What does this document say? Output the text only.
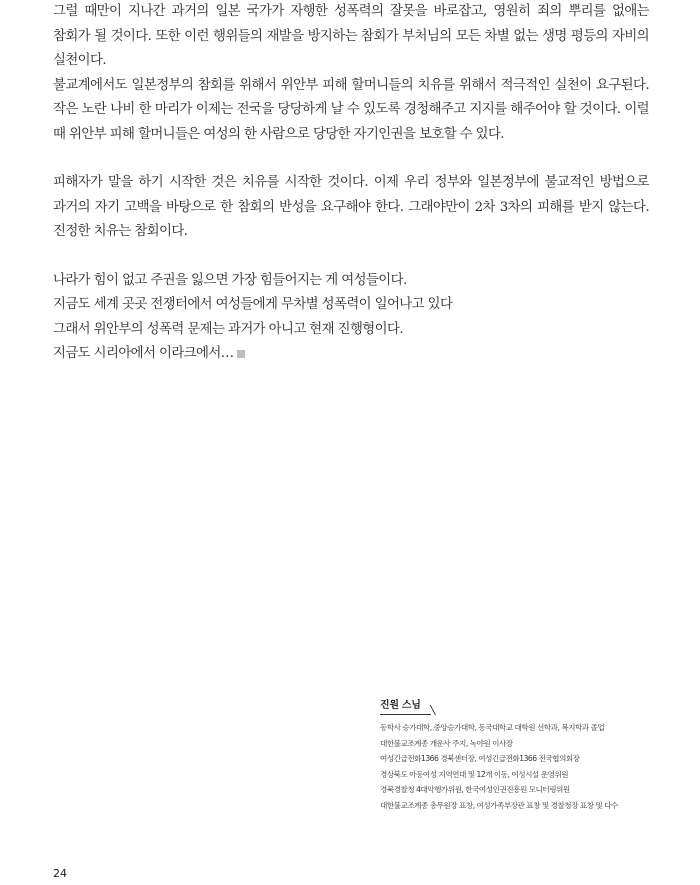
그럴 때만이 지나간 과거의 일본 국가가 자행한 성폭력의 잘못을 바로잡고, 영원히 죄의 뿌리를 없애는 참회가 될 것이다. 또한 이런 행위들의 재발을 방지하는 참회가 부처님의 모든 차별 없는 생명 평등의 자비의 실천이다.

불교계에서도 일본정부의 참회를 위해서 위안부 피해 할머니들의 치유를 위해서 적극적인 실천이 요구된다. 작은 노란 나비 한 마리가 이제는 전국을 당당하게 날 수 있도록 경청해주고 지지를 해주어야 할 것이다. 이럴 때 위안부 피해 할머니들은 여성의 한 사람으로 당당한 자기인권을 보호할 수 있다.

피해자가 말을 하기 시작한 것은 치유를 시작한 것이다. 이제 우리 정부와 일본정부에 불교적인 방법으로 과거의 자기 고백을 바탕으로 한 참회의 반성을 요구해야 한다. 그래야만이 2차 3차의 피해를 받지 않는다. 진정한 치유는 참회이다.

나라가 힘이 없고 주권을 잃으면 가장 힘들어지는 게 여성들이다.

지금도 세계 곳곳 전쟁터에서 여성들에게 무차별 성폭력이 일어나고 있다

그래서 위안부의 성폭력 문제는 과거가 아니고 현재 진행형이다.

지금도 시리아에서 이라크에서…

진원 스님
동학사 승가대학, 중앙승가대학, 동국대학교 대학원 선학과, 복지학과 졸업
대한불교조계종 개운사 주지, 녹야원 이사장
여성긴급전화1366 경북센터장, 여성긴급전화1366 전국협의회장
경상북도 아동여성 지역연대 및 12개 이동, 여성시설 운영위원
경북경찰청 4대악행가위원, 한국여성인권진흥원 모니터링위원
대한불교조계종 총무원장 표창, 여성가족부장관 표창 및 경찰청장 표창 및 다수
24
